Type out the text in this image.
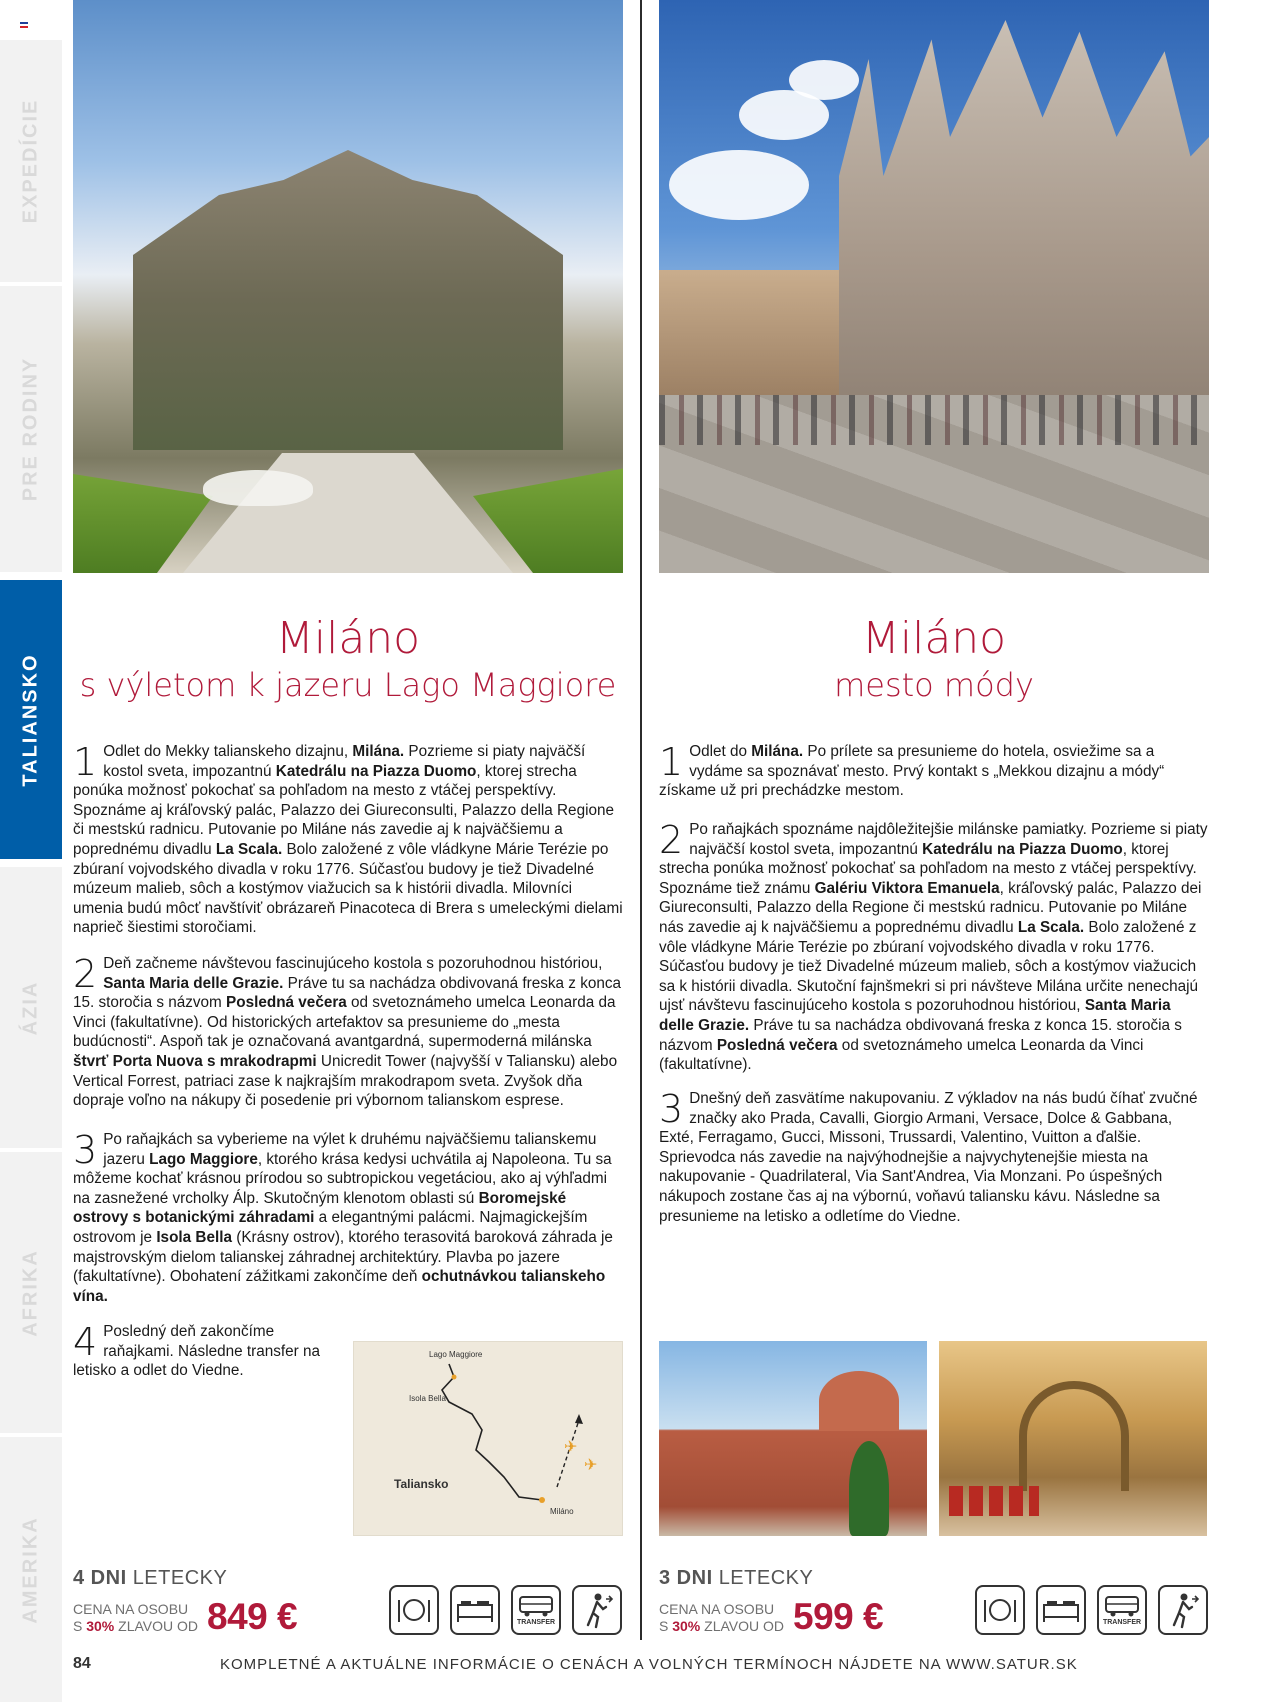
EXPEDÍCIE
PRE RODINY
TALIANSKO
ÁZIA
AFRIKA
AMERIKA
Miláno
s výletom k jazeru Lago Maggiore
1 Odlet do Mekky talianskeho dizajnu, Milána. Pozrieme si piaty najväčší kostol sveta, impozantnú Katedrálu na Piazza Duomo, ktorej strecha ponúka možnosť pokochať sa pohľadom na mesto z vtáčej perspektívy. Spoznáme aj kráľovský palác, Palazzo dei Giureconsulti, Palazzo della Regione či mestskú radnicu. Putovanie po Miláne nás zavedie aj k najväčšiemu a poprednému divadlu La Scala. Bolo založené z vôle vládkyne Márie Terézie po zbúraní vojvodského divadla v roku 1776. Súčasťou budovy je tiež Divadelné múzeum malieb, sôch a kostýmov viažucich sa k histórii divadla. Milovníci umenia budú môcť navštíviť obrázareň Pinacoteca di Brera s umeleckými dielami naprieč šiestimi storočiami.
2 Deň začneme návštevou fascinujúceho kostola s pozoruhodnou históriou, Santa Maria delle Grazie. Práve tu sa nachádza obdivovaná freska z konca 15. storočia s názvom Posledná večera od svetoznámeho umelca Leonarda da Vinci (fakultatívne). Od historických artefaktov sa presunieme do „mesta budúcnosti“. Aspoň tak je označovaná avantgardná, supermoderná milánska štvrť Porta Nuova s mrakodrapmi Unicredit Tower (najvyšší v Taliansku) alebo Vertical Forrest, patriaci zase k najkrajším mrakodrapom sveta. Zvyšok dňa dopraje voľno na nákupy či posedenie pri výbornom talianskom esprese.
3 Po raňajkách sa vyberieme na výlet k druhému najväčšiemu talianskemu jazeru Lago Maggiore, ktorého krása kedysi uchvátila aj Napoleona. Tu sa môžeme kochať krásnou prírodou so subtropickou vegetáciou, ako aj výhľadmi na zasnežené vrcholky Álp. Skutočným klenotom oblasti sú Boromejské ostrovy s botanickými záhradami a elegantnými palácmi. Najmagickejším ostrovom je Isola Bella (Krásny ostrov), ktorého terasovitá baroková záhrada je majstrovským dielom talianskej záhradnej architektúry. Plavba po jazere (fakultatívne). Obohatení zážitkami zakončíme deň ochutnávkou talianskeho vína.
4 Posledný deň zakončíme raňajkami. Následne transfer na letisko a odlet do Viedne.
✈
✈
Lago Maggiore
Isola Bella
Taliansko
Miláno
4 DNI LETECKY
CENA NA OSOBU
S 30% ZLAVOU OD 849 €	TRANSFER
Miláno
mesto módy
1 Odlet do Milána. Po prílete sa presunieme do hotela, osviežime sa a vydáme sa spoznávať mesto. Prvý kontakt s „Mekkou dizajnu a módy“ získame už pri prechádzke mestom.
2 Po raňajkách spoznáme najdôležitejšie milánske pamiatky. Pozrieme si piaty najväčší kostol sveta, impozantnú Katedrálu na Piazza Duomo, ktorej strecha ponúka možnosť pokochať sa pohľadom na mesto z vtáčej perspektívy. Spoznáme tiež známu Galériu Viktora Emanuela, kráľovský palác, Palazzo dei Giureconsulti, Palazzo della Regione či mestskú radnicu. Putovanie po Miláne nás zavedie aj k najväčšiemu a poprednému divadlu La Scala. Bolo založené z vôle vládkyne Márie Terézie po zbúraní vojvodského divadla v roku 1776. Súčasťou budovy je tiež Divadelné múzeum malieb, sôch a kostýmov viažucich sa k histórii divadla. Skutoční fajnšmekri si pri návšteve Milána určite nenechajú ujsť návštevu fascinujúceho kostola s pozoruhodnou históriou, Santa Maria delle Grazie. Práve tu sa nachádza obdivovaná freska z konca 15. storočia s názvom Posledná večera od svetoznámeho umelca Leonarda da Vinci (fakultatívne).
3 Dnešný deň zasvätíme nakupovaniu. Z výkladov na nás budú číhať zvučné značky ako Prada, Cavalli, Giorgio Armani, Versace, Dolce & Gabbana, Exté, Ferragamo, Gucci, Missoni, Trussardi, Valentino, Vuitton a ďalšie. Sprievodca nás zavedie na najvýhodnejšie a najvychytenejšie miesta na nakupovanie - Quadrilateral, Via Sant'Andrea, Via Monzani. Po úspešných nákupoch zostane čas aj na výbornú, voňavú taliansku kávu. Následne sa presunieme na letisko a odletíme do Viedne.
3 DNI LETECKY
CENA NA OSOBU
S 30% ZLAVOU OD 599 €	TRANSFER
84	KOMPLETNÉ A AKTUÁLNE INFORMÁCIE O CENÁCH A VOLNÝCH TERMÍNOCH NÁJDETE NA WWW.SATUR.SK
